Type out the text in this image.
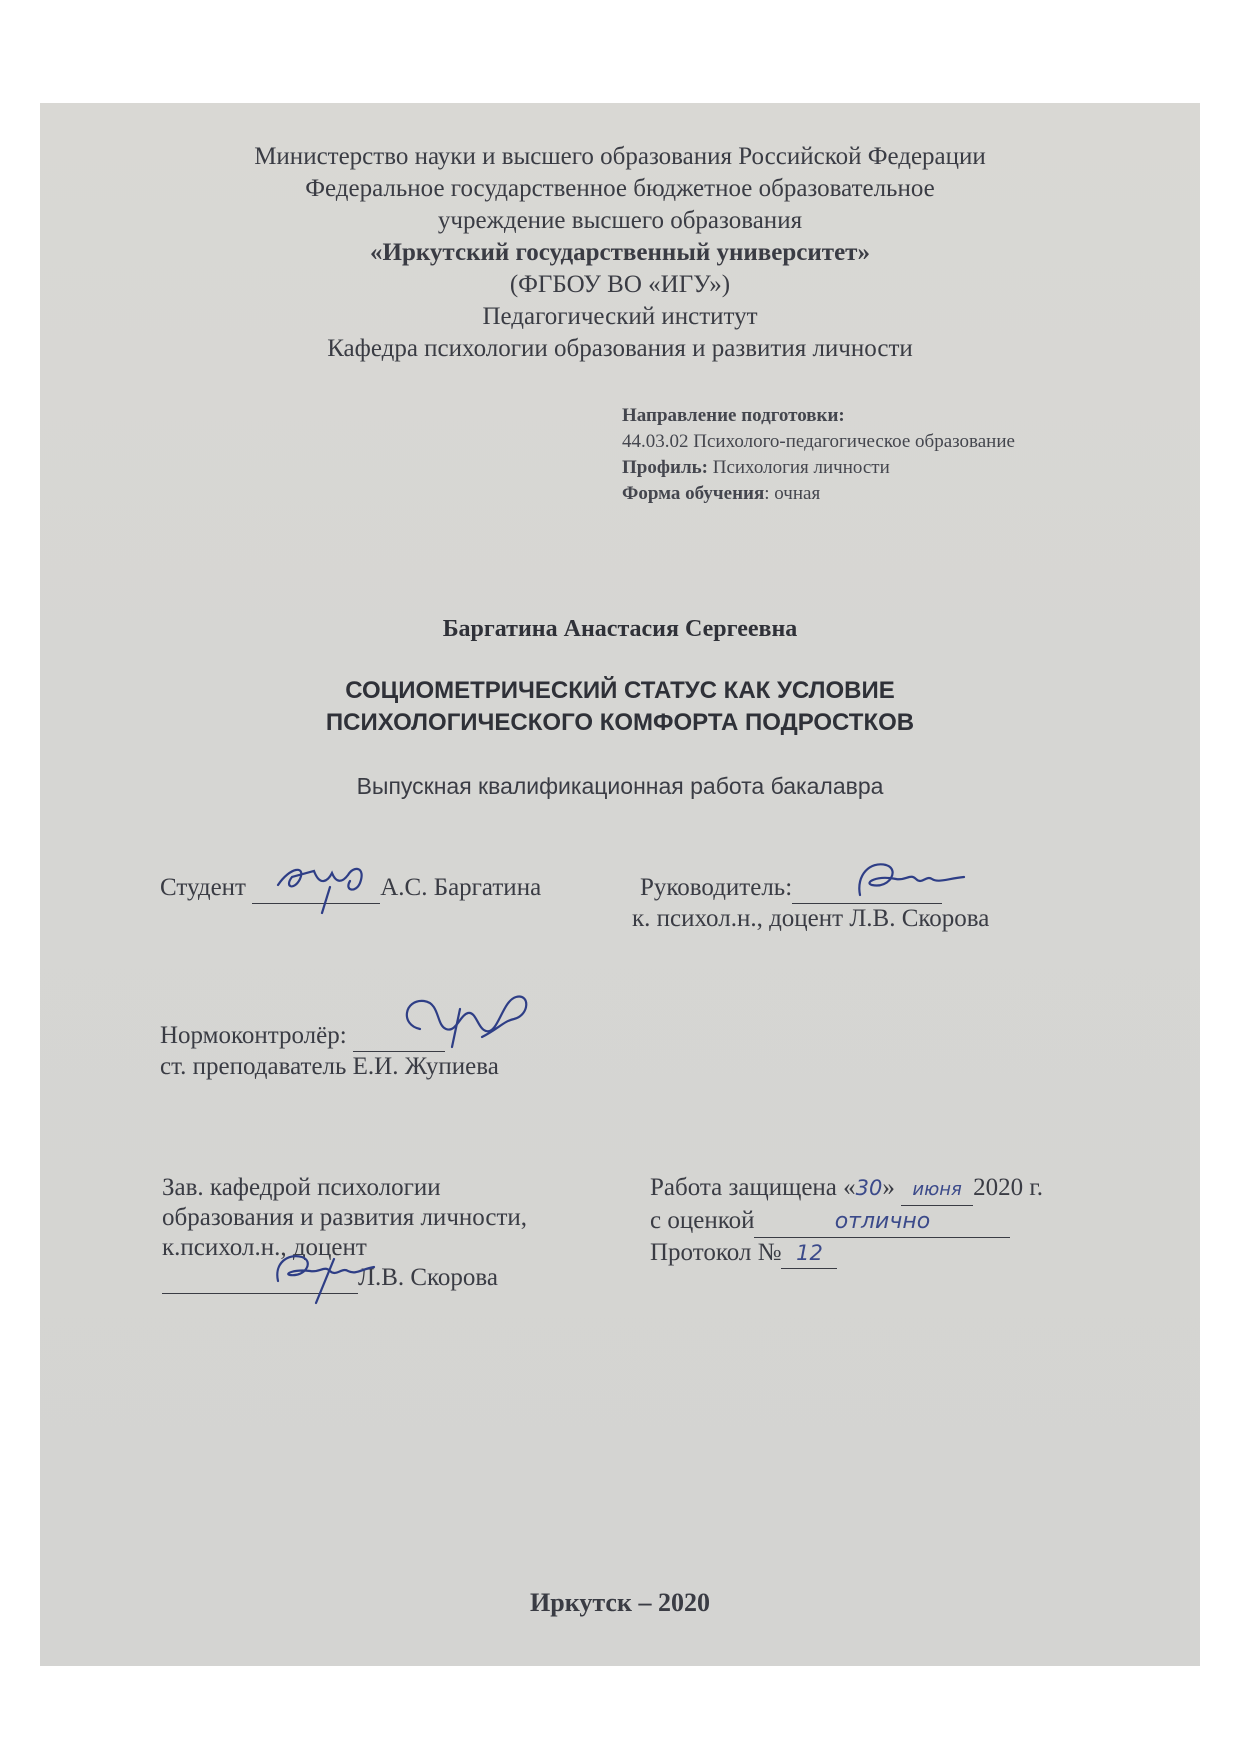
Министерство науки и высшего образования Российской Федерации
Федеральное государственное бюджетное образовательное
учреждение высшего образования
«Иркутский государственный университет»
(ФГБОУ ВО «ИГУ»)
Педагогический институт
Кафедра психологии образования и развития личности
Направление подготовки:
44.03.02 Психолого-педагогическое образование
Профиль: Психология личности
Форма обучения: очная
Баргатина Анастасия Сергеевна
СОЦИОМЕТРИЧЕСКИЙ СТАТУС КАК УСЛОВИЕ
ПСИХОЛОГИЧЕСКОГО КОМФОРТА ПОДРОСТКОВ
Выпускная квалификационная работа бакалавра
Студент	А.С. Баргатина	Руководитель:
к. психол.н., доцент Л.В. Скорова
Нормоконтролёр:
ст. преподаватель Е.И. Жупиева
Зав. кафедрой психологии
образования и развития личности,
к.психол.н., доцент
Л.В. Скорова
Работа защищена «30» июня 2020 г.
с оценкой	отлично
Протокол № 12
Иркутск – 2020
